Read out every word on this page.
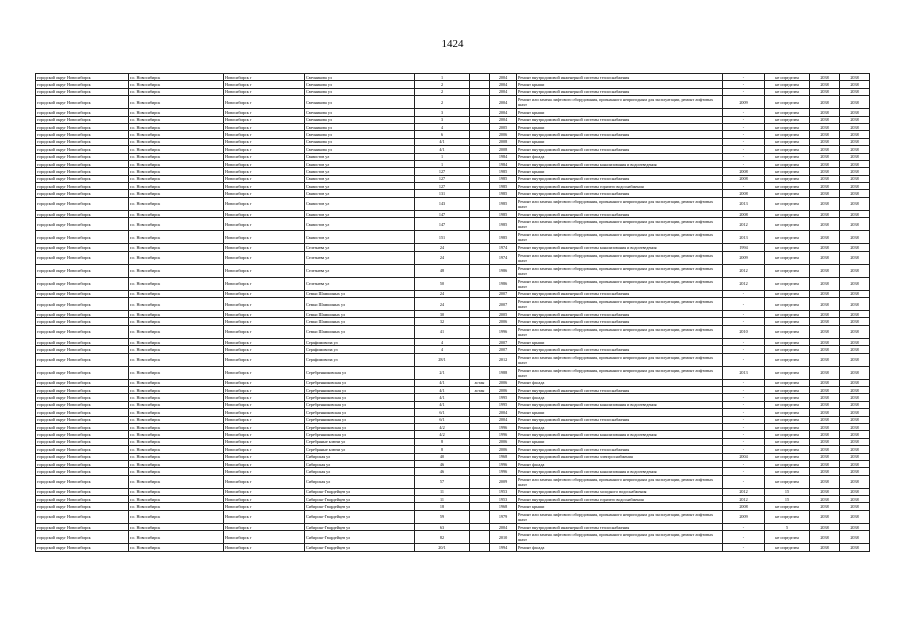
1424
городской округ Новосибирск	г.о. Новосибирск	Новосибирск г	Свечникова ул	1		2004	Ремонт внутридомовой инженерной системы теплоснабжения	-	не определен	2038	2038
городской округ Новосибирск	г.о. Новосибирск	Новосибирск г	Свечникова ул	2		2004	Ремонт крыши	-	не определен	2038	2038
городской округ Новосибирск	г.о. Новосибирск	Новосибирск г	Свечникова ул	2		2004	Ремонт внутридомовой инженерной системы теплоснабжения	-	не определен	2038	2038
городской округ Новосибирск	г.о. Новосибирск	Новосибирск г	Свечникова ул	2		2004	Ремонт или замена лифтового оборудования, признанного непригодным для эксплуатации, ремонт лифтовых шахт	2009	не определен	2038	2038
городской округ Новосибирск	г.о. Новосибирск	Новосибирск г	Свечникова ул	3		2004	Ремонт крыши	-	не определен	2038	2038
городской округ Новосибирск	г.о. Новосибирск	Новосибирск г	Свечникова ул	3		2004	Ремонт внутридомовой инженерной системы теплоснабжения	-	не определен	2038	2038
городской округ Новосибирск	г.о. Новосибирск	Новосибирск г	Свечникова ул	4		2005	Ремонт крыши	-	не определен	2038	2038
городской округ Новосибирск	г.о. Новосибирск	Новосибирск г	Свечникова ул	6		2006	Ремонт внутридомовой инженерной системы теплоснабжения	-	не определен	2038	2038
городской округ Новосибирск	г.о. Новосибирск	Новосибирск г	Свечникова ул	4/1		2008	Ремонт крыши	-	не определен	2038	2038
городской округ Новосибирск	г.о. Новосибирск	Новосибирск г	Свечникова ул	4/1		2008	Ремонт внутридомовой инженерной системы теплоснабжения	-	не определен	2038	2038
городской округ Новосибирск	г.о. Новосибирск	Новосибирск г	Связистов ул	1		1984	Ремонт фасада	-	не определен	2038	2038
городской округ Новосибирск	г.о. Новосибирск	Новосибирск г	Связистов ул	1		1984	Ремонт внутридомовой инженерной системы канализования и водоотведения	-	не определен	2038	2038
городской округ Новосибирск	г.о. Новосибирск	Новосибирск г	Связистов ул	127		1985	Ремонт крыши	2008	не определен	2038	2038
городской округ Новосибирск	г.о. Новосибирск	Новосибирск г	Связистов ул	127		1985	Ремонт внутридомовой инженерной системы теплоснабжения	2008	не определен	2038	2038
городской округ Новосибирск	г.о. Новосибирск	Новосибирск г	Связистов ул	127		1985	Ремонт внутридомовой инженерной системы горячего водоснабжения	-	не определен	2038	2038
городской округ Новосибирск	г.о. Новосибирск	Новосибирск г	Связистов ул	131		1985	Ремонт внутридомовой инженерной системы теплоснабжения	2008	не определен	2038	2038
городской округ Новосибирск	г.о. Новосибирск	Новосибирск г	Связистов ул	143		1985	Ремонт или замена лифтового оборудования, признанного непригодным для эксплуатации, ремонт лифтовых шахт	2013	не определен	2038	2038
городской округ Новосибирск	г.о. Новосибирск	Новосибирск г	Связистов ул	147		1985	Ремонт внутридомовой инженерной системы теплоснабжения	2008	не определен	2038	2038
городской округ Новосибирск	г.о. Новосибирск	Новосибирск г	Связистов ул	147		1985	Ремонт или замена лифтового оборудования, признанного непригодным для эксплуатации, ремонт лифтовых шахт	2012	не определен	2038	2038
городской округ Новосибирск	г.о. Новосибирск	Новосибирск г	Связистов ул	151		1985	Ремонт или замена лифтового оборудования, признанного непригодным для эксплуатации, ремонт лифтовых шахт	2013	не определен	2038	2038
городской округ Новосибирск	г.о. Новосибирск	Новосибирск г	Селезнева ул	24		1974	Ремонт внутридомовой инженерной системы канализования и водоотведения	1994	не определен	2038	2038
городской округ Новосибирск	г.о. Новосибирск	Новосибирск г	Селезнева ул	24		1974	Ремонт или замена лифтового оборудования, признанного непригодным для эксплуатации, ремонт лифтовых шахт	2009	не определен	2038	2038
городской округ Новосибирск	г.о. Новосибирск	Новосибирск г	Селезнева ул	48		1986	Ремонт или замена лифтового оборудования, признанного непригодным для эксплуатации, ремонт лифтовых шахт	2012	не определен	2038	2038
городской округ Новосибирск	г.о. Новосибирск	Новосибирск г	Селезнева ул	50		1986	Ремонт или замена лифтового оборудования, признанного непригодным для эксплуатации, ремонт лифтовых шахт	2012	не определен	2038	2038
городской округ Новосибирск	г.о. Новосибирск	Новосибирск г	Семьи Шамшиных ул	24		2007	Ремонт внутридомовой инженерной системы теплоснабжения	-	не определен	2038	2038
городской округ Новосибирск	г.о. Новосибирск	Новосибирск г	Семьи Шамшиных ул	24		2007	Ремонт или замена лифтового оборудования, признанного непригодным для эксплуатации, ремонт лифтовых шахт	-	не определен	2038	2038
городской округ Новосибирск	г.о. Новосибирск	Новосибирск г	Семьи Шамшиных ул	30		2005	Ремонт внутридомовой инженерной системы теплоснабжения	-	не определен	2038	2038
городской округ Новосибирск	г.о. Новосибирск	Новосибирск г	Семьи Шамшиных ул	32		2006	Ремонт внутридомовой инженерной системы теплоснабжения	-	не определен	2038	2038
городской округ Новосибирск	г.о. Новосибирск	Новосибирск г	Семьи Шамшиных ул	41		1996	Ремонт или замена лифтового оборудования, признанного непригодным для эксплуатации, ремонт лифтовых шахт	2010	не определен	2038	2038
городской округ Новосибирск	г.о. Новосибирск	Новосибирск г	Серафимовича ул	4		2007	Ремонт крыши	-	не определен	2038	2038
городской округ Новосибирск	г.о. Новосибирск	Новосибирск г	Серафимовича ул	4		2007	Ремонт внутридомовой инженерной системы теплоснабжения	-	не определен	2038	2038
городской округ Новосибирск	г.о. Новосибирск	Новосибирск г	Серафимовича ул	28/1		2012	Ремонт или замена лифтового оборудования, признанного непригодным для эксплуатации, ремонт лифтовых шахт	-	не определен	2038	2038
городской округ Новосибирск	г.о. Новосибирск	Новосибирск г	Серебренниковская ул	2/1		1988	Ремонт или замена лифтового оборудования, признанного непригодным для эксплуатации, ремонт лифтовых шахт	2013	не определен	2038	2038
городской округ Новосибирск	г.о. Новосибирск	Новосибирск г	Серебренниковская ул	4/1	астан	2006	Ремонт фасада	-	не определен	2038	2038
городской округ Новосибирск	г.о. Новосибирск	Новосибирск г	Серебренниковская ул	4/1	астан	2006	Ремонт внутридомовой инженерной системы теплоснабжения	-	не определен	2038	2038
городской округ Новосибирск	г.о. Новосибирск	Новосибирск г	Серебренниковская ул	4/1		1995	Ремонт фасада	-	не определен	2038	2038
городской округ Новосибирск	г.о. Новосибирск	Новосибирск г	Серебренниковская ул	4/1		1995	Ремонт внутридомовой инженерной системы канализования и водоотведения	-	не определен	2038	2038
городской округ Новосибирск	г.о. Новосибирск	Новосибирск г	Серебренниковская ул	6/1		2004	Ремонт крыши	-	не определен	2038	2038
городской округ Новосибирск	г.о. Новосибирск	Новосибирск г	Серебренниковская ул	6/1		2004	Ремонт внутридомовой инженерной системы теплоснабжения	-	не определен	2038	2038
городской округ Новосибирск	г.о. Новосибирск	Новосибирск г	Серебренниковская ул	4/2		1996	Ремонт фасада	-	не определен	2038	2038
городской округ Новосибирск	г.о. Новосибирск	Новосибирск г	Серебренниковская ул	4/2		1996	Ремонт внутридомовой инженерной системы канализования и водоотведения	-	не определен	2038	2038
городской округ Новосибирск	г.о. Новосибирск	Новосибирск г	Серебряные ключи ул	8		2006	Ремонт крыши	-	не определен	2038	2038
городской округ Новосибирск	г.о. Новосибирск	Новосибирск г	Серебряные ключи ул	8		2006	Ремонт внутридомовой инженерной системы теплоснабжения	-	не определен	2038	2038
городской округ Новосибирск	г.о. Новосибирск	Новосибирск г	Сибирская ул	40		1968	Ремонт внутридомовой инженерной системы электроснабжения	2004	не определен	2038	2038
городской округ Новосибирск	г.о. Новосибирск	Новосибирск г	Сибирская ул	46		1996	Ремонт фасада	-	не определен	2038	2038
городской округ Новосибирск	г.о. Новосибирск	Новосибирск г	Сибирская ул	46		1996	Ремонт внутридомовой инженерной системы канализования и водоотведения	-	не определен	2038	2038
городской округ Новосибирск	г.о. Новосибирск	Новосибирск г	Сибирская ул	57		2009	Ремонт или замена лифтового оборудования, признанного непригодным для эксплуатации, ремонт лифтовых шахт	-	не определен	2038	2038
городской округ Новосибирск	г.о. Новосибирск	Новосибирск г	Сибирско-Гвардейцев ул	11		1953	Ремонт внутридомовой инженерной системы холодного водоснабжения	2012	15	2038	2038
городской округ Новосибирск	г.о. Новосибирск	Новосибирск г	Сибирско-Гвардейцев ул	11		1953	Ремонт внутридомовой инженерной системы горячего водоснабжения	2012	15	2038	2038
городской округ Новосибирск	г.о. Новосибирск	Новосибирск г	Сибирско-Гвардейцев ул	18		1968	Ремонт крыши	2008	не определен	2038	2038
городской округ Новосибирск	г.о. Новосибирск	Новосибирск г	Сибирско-Гвардейцев ул	59		1979	Ремонт или замена лифтового оборудования, признанного непригодным для эксплуатации, ремонт лифтовых шахт	2009	не определен	2038	2038
городской округ Новосибирск	г.о. Новосибирск	Новосибирск г	Сибирско-Гвардейцев ул	63		2004	Ремонт внутридомовой инженерной системы теплоснабжения	-	5	2038	2038
городской округ Новосибирск	г.о. Новосибирск	Новосибирск г	Сибирско-Гвардейцев ул	82		2010	Ремонт или замена лифтового оборудования, признанного непригодным для эксплуатации, ремонт лифтовых шахт	-	не определен	2038	2038
городской округ Новосибирск	г.о. Новосибирск	Новосибирск г	Сибирско-Гвардейцев ул	20/1		1994	Ремонт фасада	-	не определен	2038	2038
